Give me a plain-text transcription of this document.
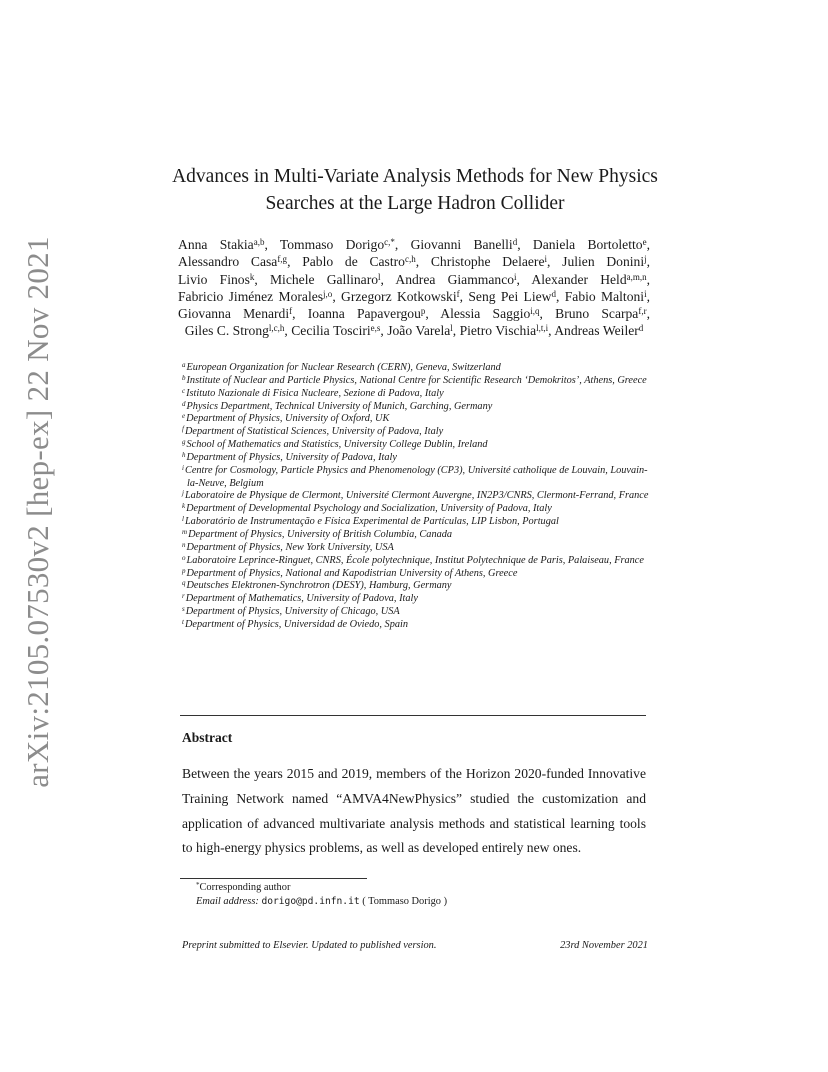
arXiv:2105.07530v2 [hep-ex] 22 Nov 2021
Advances in Multi-Variate Analysis Methods for New Physics Searches at the Large Hadron Collider
Anna Stakia$^{a,b}$, Tommaso Dorigo$^{c,*}$, Giovanni Banelli$^d$, Daniela Bortoletto$^e$, Alessandro Casa$^{f,g}$, Pablo de Castro$^{c,h}$, Christophe Delaere$^i$, Julien Donini$^j$, Livio Finos$^k$, Michele Gallinaro$^l$, Andrea Giammanco$^i$, Alexander Held$^{a,m,n}$, Fabricio Jiménez Morales$^{j,o}$, Grzegorz Kotkowski$^f$, Seng Pei Liew$^d$, Fabio Maltoni$^i$, Giovanna Menardi$^f$, Ioanna Papavergou$^p$, Alessia Saggio$^{i,q}$, Bruno Scarpa$^{f,r}$, Giles C. Strong$^{l,c,h}$, Cecilia Tosciri$^{e,s}$, João Varela$^l$, Pietro Vischia$^{l,t,i}$, Andreas Weiler$^d$
$^a$European Organization for Nuclear Research (CERN), Geneva, Switzerland
$^b$Institute of Nuclear and Particle Physics, National Centre for Scientific Research ‘Demokritos’, Athens, Greece
$^c$Istituto Nazionale di Fisica Nucleare, Sezione di Padova, Italy
$^d$Physics Department, Technical University of Munich, Garching, Germany
$^e$Department of Physics, University of Oxford, UK
$^f$Department of Statistical Sciences, University of Padova, Italy
$^g$School of Mathematics and Statistics, University College Dublin, Ireland
$^h$Department of Physics, University of Padova, Italy
$^i$Centre for Cosmology, Particle Physics and Phenomenology (CP3), Université catholique de Louvain, Louvain-la-Neuve, Belgium
$^j$Laboratoire de Physique de Clermont, Université Clermont Auvergne, IN2P3/CNRS, Clermont-Ferrand, France
$^k$Department of Developmental Psychology and Socialization, University of Padova, Italy
$^l$Laboratório de Instrumentação e Física Experimental de Partículas, LIP Lisbon, Portugal
$^m$Department of Physics, University of British Columbia, Canada
$^n$Department of Physics, New York University, USA
$^o$Laboratoire Leprince-Ringuet, CNRS, École polytechnique, Institut Polytechnique de Paris, Palaiseau, France
$^p$Department of Physics, National and Kapodistrian University of Athens, Greece
$^q$Deutsches Elektronen-Synchrotron (DESY), Hamburg, Germany
$^r$Department of Mathematics, University of Padova, Italy
$^s$Department of Physics, University of Chicago, USA
$^t$Department of Physics, Universidad de Oviedo, Spain
Abstract
Between the years 2015 and 2019, members of the Horizon 2020-funded Innovative Training Network named “AMVA4NewPhysics” studied the customization and application of advanced multivariate analysis methods and statistical learning tools to high-energy physics problems, as well as developed entirely new ones.
*Corresponding author
Email address: dorigo@pd.infn.it ( Tommaso Dorigo )
Preprint submitted to Elsevier. Updated to published version.	23rd November 2021
